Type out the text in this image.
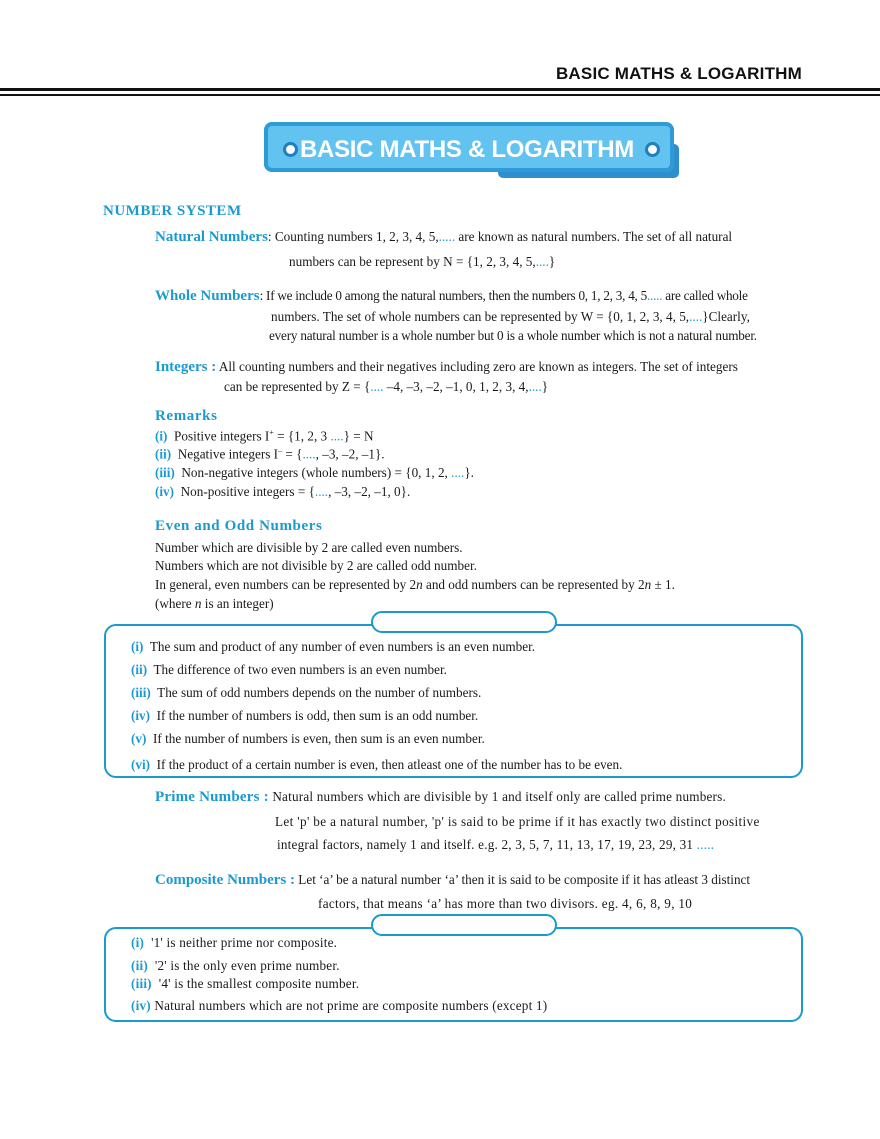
BASIC MATHS & LOGARITHM
BASIC MATHS & LOGARITHM
NUMBER SYSTEM
Natural Numbers: Counting numbers 1, 2, 3, 4, 5,..... are known as natural numbers. The set of all natural
numbers can be represent by N = {1, 2, 3, 4, 5,....}
Whole Numbers: If we include 0 among the natural numbers, then the numbers 0, 1, 2, 3, 4, 5..... are called whole
numbers. The set of whole numbers can be represented by W = {0, 1, 2, 3, 4, 5,....}Clearly,
every natural number is a whole number but 0 is a whole number which is not a natural number.
Integers : All counting numbers and their negatives including zero are known as integers. The set of integers
can be represented by Z = {.... –4, –3, –2, –1, 0, 1, 2, 3, 4,....}
Remarks
(i) Positive integers I+ = {1, 2, 3 ....} = N
(ii) Negative integers I– = {...., –3, –2, –1}.
(iii) Non-negative integers (whole numbers) = {0, 1, 2, ....}.
(iv) Non-positive integers = {...., –3, –2, –1, 0}.
Even and Odd Numbers
Number which are divisible by 2 are called even numbers.
Numbers which are not divisible by 2 are called odd number.
In general, even numbers can be represented by 2n and odd numbers can be represented by 2n ± 1.
(where n is an integer)
(i) The sum and product of any number of even numbers is an even number.
(ii) The difference of two even numbers is an even number.
(iii) The sum of odd numbers depends on the number of numbers.
(iv) If the number of numbers is odd, then sum is an odd number.
(v) If the number of numbers is even, then sum is an even number.
(vi) If the product of a certain number is even, then atleast one of the number has to be even.
Prime Numbers : Natural numbers which are divisible by 1 and itself only are called prime numbers.
Let 'p' be a natural number, 'p' is said to be prime if it has exactly two distinct positive
integral factors, namely 1 and itself. e.g. 2, 3, 5, 7, 11, 13, 17, 19, 23, 29, 31 .....
Composite Numbers : Let ‘a’ be a natural number ‘a’ then it is said to be composite if it has atleast 3 distinct
factors, that means ‘a’ has more than two divisors. eg. 4, 6, 8, 9, 10
(i) '1' is neither prime nor composite.
(ii) '2' is the only even prime number.
(iii) '4' is the smallest composite number.
(iv) Natural numbers which are not prime are composite numbers (except 1)
